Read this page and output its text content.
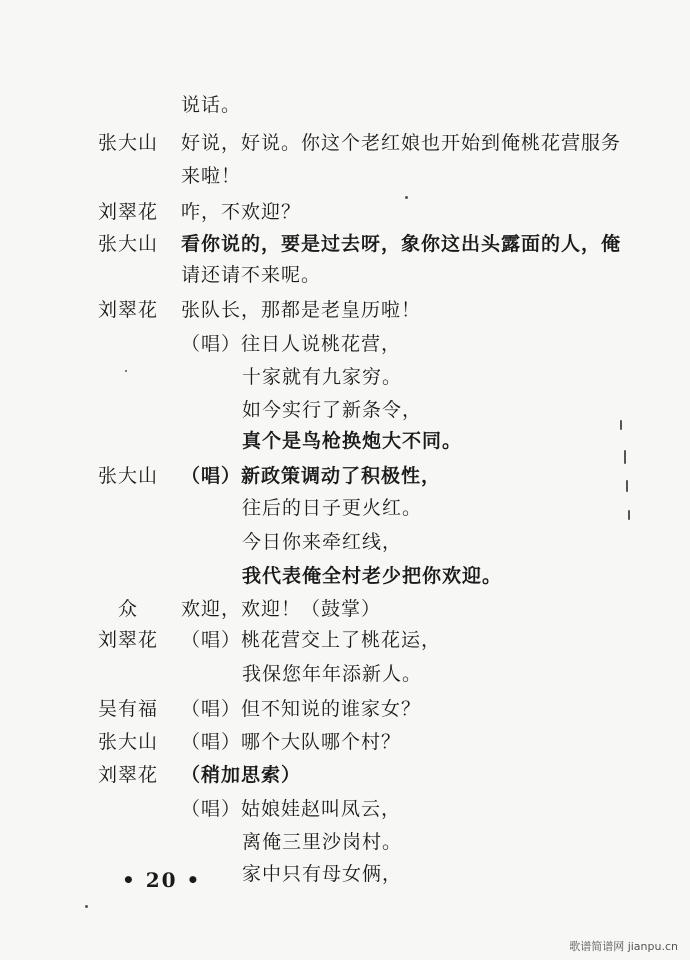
说话。
张大山 好说，好说。你这个老红娘也开始到俺桃花营服务
来啦！
刘翠花 咋，不欢迎？
张大山 看你说的，要是过去呀，象你这出头露面的人，俺
请还请不来呢。
刘翠花 张队长，那都是老皇历啦！
（唱）往日人说桃花营，
十家就有九家穷。
如今实行了新条令，
真个是鸟枪换炮大不同。
张大山 （唱）新政策调动了积极性，
往后的日子更火红。
今日你来牵红线，
我代表俺全村老少把你欢迎。
众 欢迎，欢迎！（鼓掌）
刘翠花 （唱）桃花营交上了桃花运，
我保您年年添新人。
吴有福 （唱）但不知说的谁家女？
张大山 （唱）哪个大队哪个村？
刘翠花 （稍加思索）
（唱）姑娘娃赵叫凤云，
离俺三里沙岗村。
家中只有母女俩，
• 20 •
歌谱简谱网 jianpu.cn
